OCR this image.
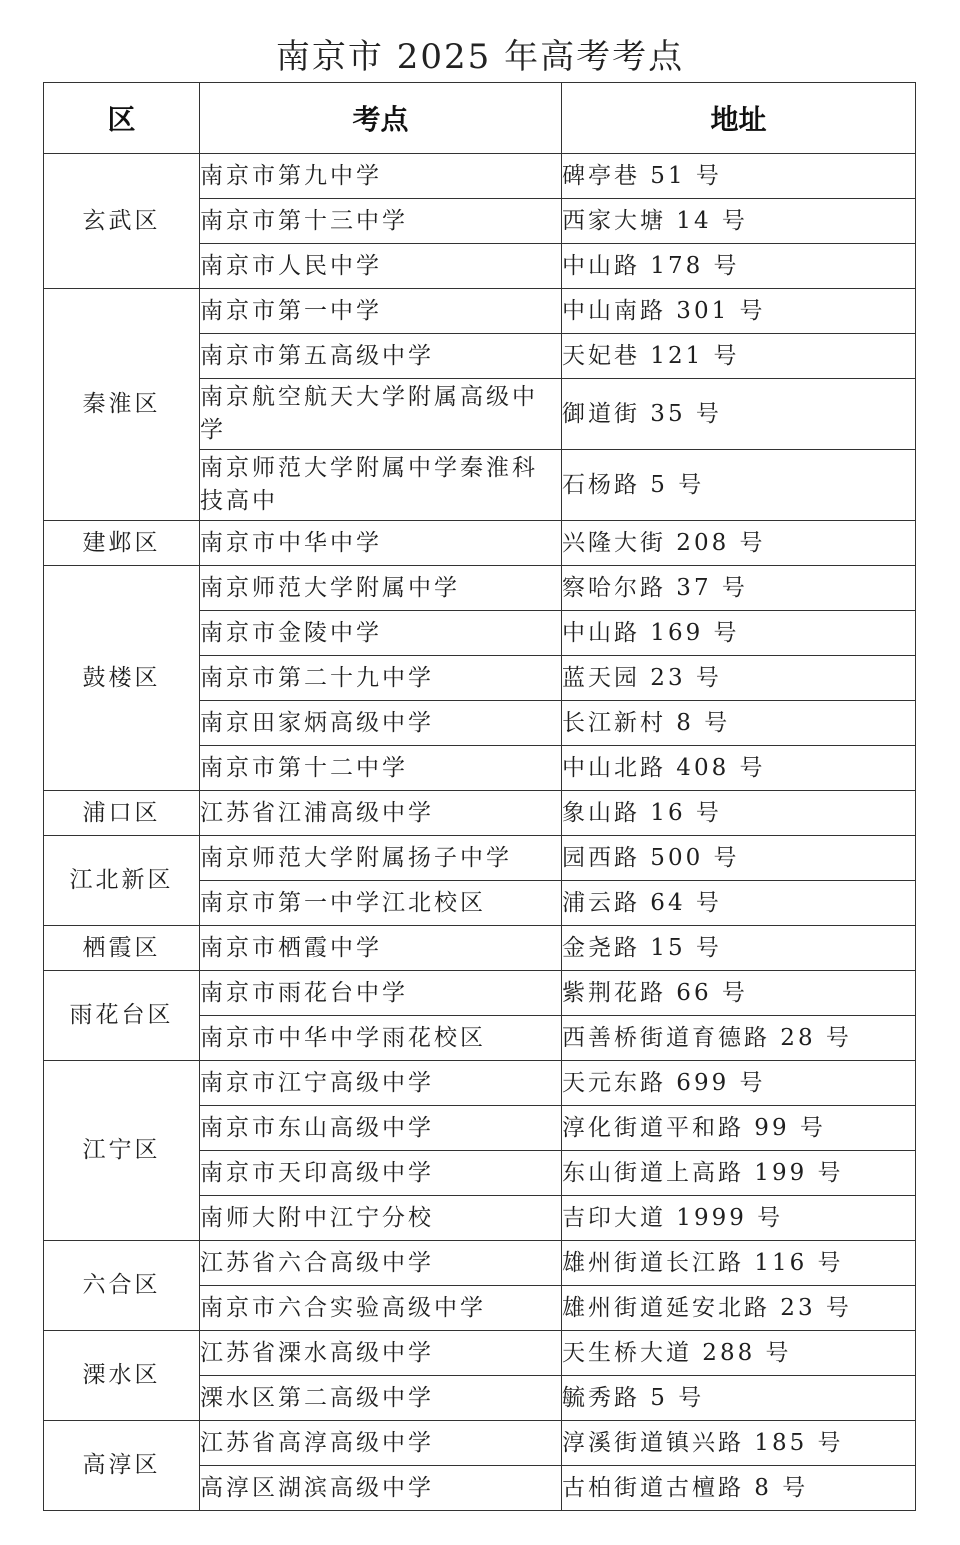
南京市 2025 年高考考点
区	考点	地址
玄武区	南京市第九中学	碑亭巷 51 号
	南京市第十三中学	西家大塘 14 号
	南京市人民中学	中山路 178 号
秦淮区	南京市第一中学	中山南路 301 号
	南京市第五高级中学	天妃巷 121 号
	南京航空航天大学附属高级中学	御道街 35 号
	南京师范大学附属中学秦淮科技高中	石杨路 5 号
建邺区	南京市中华中学	兴隆大街 208 号
鼓楼区	南京师范大学附属中学	察哈尔路 37 号
	南京市金陵中学	中山路 169 号
	南京市第二十九中学	蓝天园 23 号
	南京田家炳高级中学	长江新村 8 号
	南京市第十二中学	中山北路 408 号
浦口区	江苏省江浦高级中学	象山路 16 号
江北新区	南京师范大学附属扬子中学	园西路 500 号
	南京市第一中学江北校区	浦云路 64 号
栖霞区	南京市栖霞中学	金尧路 15 号
雨花台区	南京市雨花台中学	紫荆花路 66 号
	南京市中华中学雨花校区	西善桥街道育德路 28 号
江宁区	南京市江宁高级中学	天元东路 699 号
	南京市东山高级中学	淳化街道平和路 99 号
	南京市天印高级中学	东山街道上高路 199 号
	南师大附中江宁分校	吉印大道 1999 号
六合区	江苏省六合高级中学	雄州街道长江路 116 号
	南京市六合实验高级中学	雄州街道延安北路 23 号
溧水区	江苏省溧水高级中学	天生桥大道 288 号
	溧水区第二高级中学	毓秀路 5 号
高淳区	江苏省高淳高级中学	淳溪街道镇兴路 185 号
	高淳区湖滨高级中学	古柏街道古檀路 8 号
